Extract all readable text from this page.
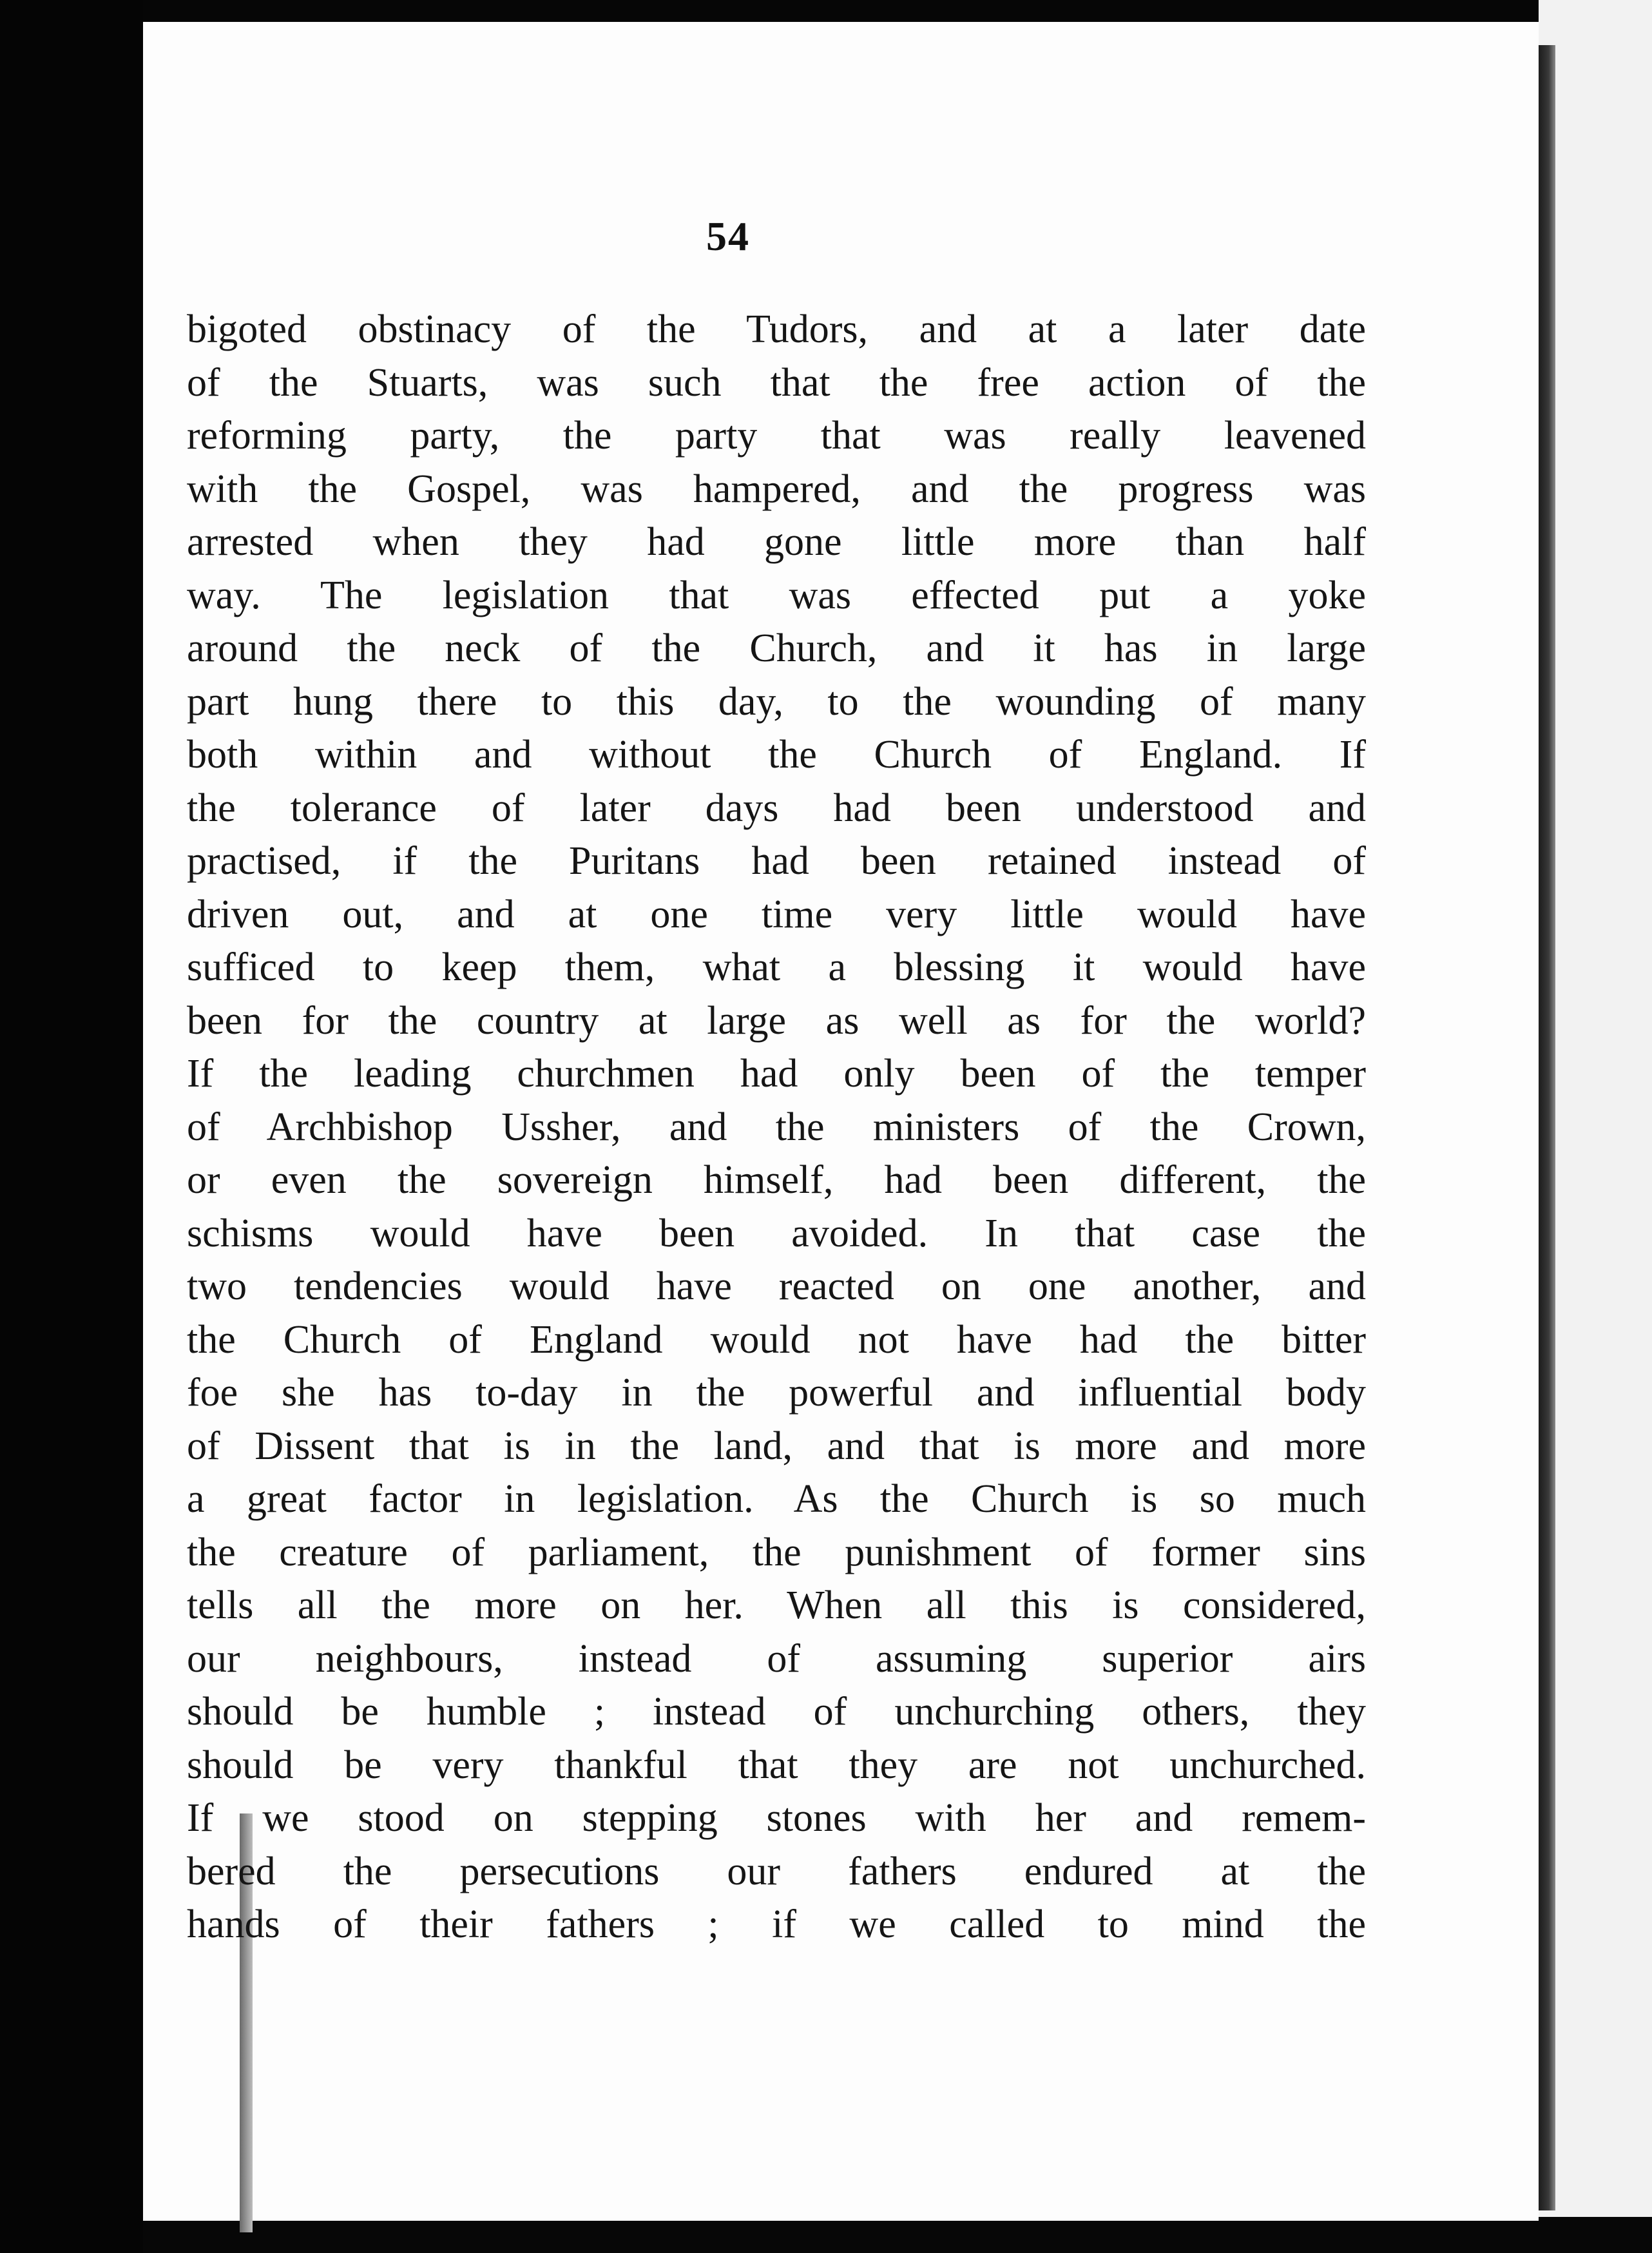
54
bigoted obstinacy of the Tudors, and at a later date
of the Stuarts, was such that the free action of the
reforming party, the party that was really leavened
with the Gospel, was hampered, and the progress was
arrested when they had gone little more than half
way. The legislation that was effected put a yoke
around the neck of the Church, and it has in large
part hung there to this day, to the wounding of many
both within and without the Church of England. If
the tolerance of later days had been understood and
practised, if the Puritans had been retained instead of
driven out, and at one time very little would have
sufficed to keep them, what a blessing it would have
been for the country at large as well as for the world?
If the leading churchmen had only been of the temper
of Archbishop Ussher, and the ministers of the Crown,
or even the sovereign himself, had been different, the
schisms would have been avoided. In that case the
two tendencies would have reacted on one another, and
the Church of England would not have had the bitter
foe she has to-day in the powerful and influential body
of Dissent that is in the land, and that is more and more
a great factor in legislation. As the Church is so much
the creature of parliament, the punishment of former sins
tells all the more on her. When all this is considered,
our neighbours, instead of assuming superior airs
should be humble ; instead of unchurching others, they
should be very thankful that they are not unchurched.
If we stood on stepping stones with her and remem-
bered the persecutions our fathers endured at the
hands of their fathers ; if we called to mind the
